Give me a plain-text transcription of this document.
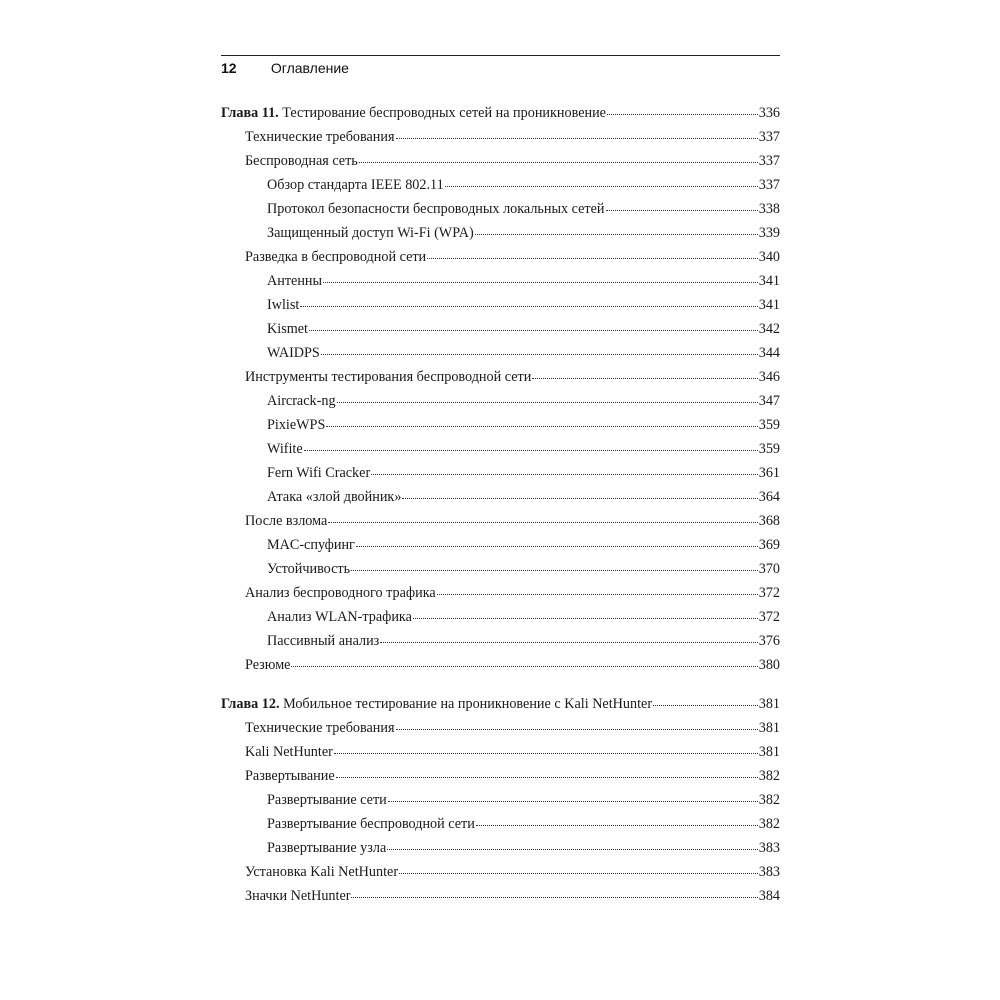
12 Оглавление
Глава 11. Тестирование беспроводных сетей на проникновение	336
Технические требования	337
Беспроводная сеть	337
Обзор стандарта IEEE 802.11	337
Протокол безопасности беспроводных локальных сетей	338
Защищенный доступ Wi-Fi (WPA)	339
Разведка в беспроводной сети	340
Антенны	341
Iwlist	341
Kismet	342
WAIDPS	344
Инструменты тестирования беспроводной сети	346
Aircrack-ng	347
PixieWPS	359
Wifite	359
Fern Wifi Cracker	361
Атака «злой двойник»	364
После взлома	368
MAC-спуфинг	369
Устойчивость	370
Анализ беспроводного трафика	372
Анализ WLAN-трафика	372
Пассивный анализ	376
Резюме	380
Глава 12. Мобильное тестирование на проникновение с Kali NetHunter	381
Технические требования	381
Kali NetHunter	381
Развертывание	382
Развертывание сети	382
Развертывание беспроводной сети	382
Развертывание узла	383
Установка Kali NetHunter	383
Значки NetHunter	384
